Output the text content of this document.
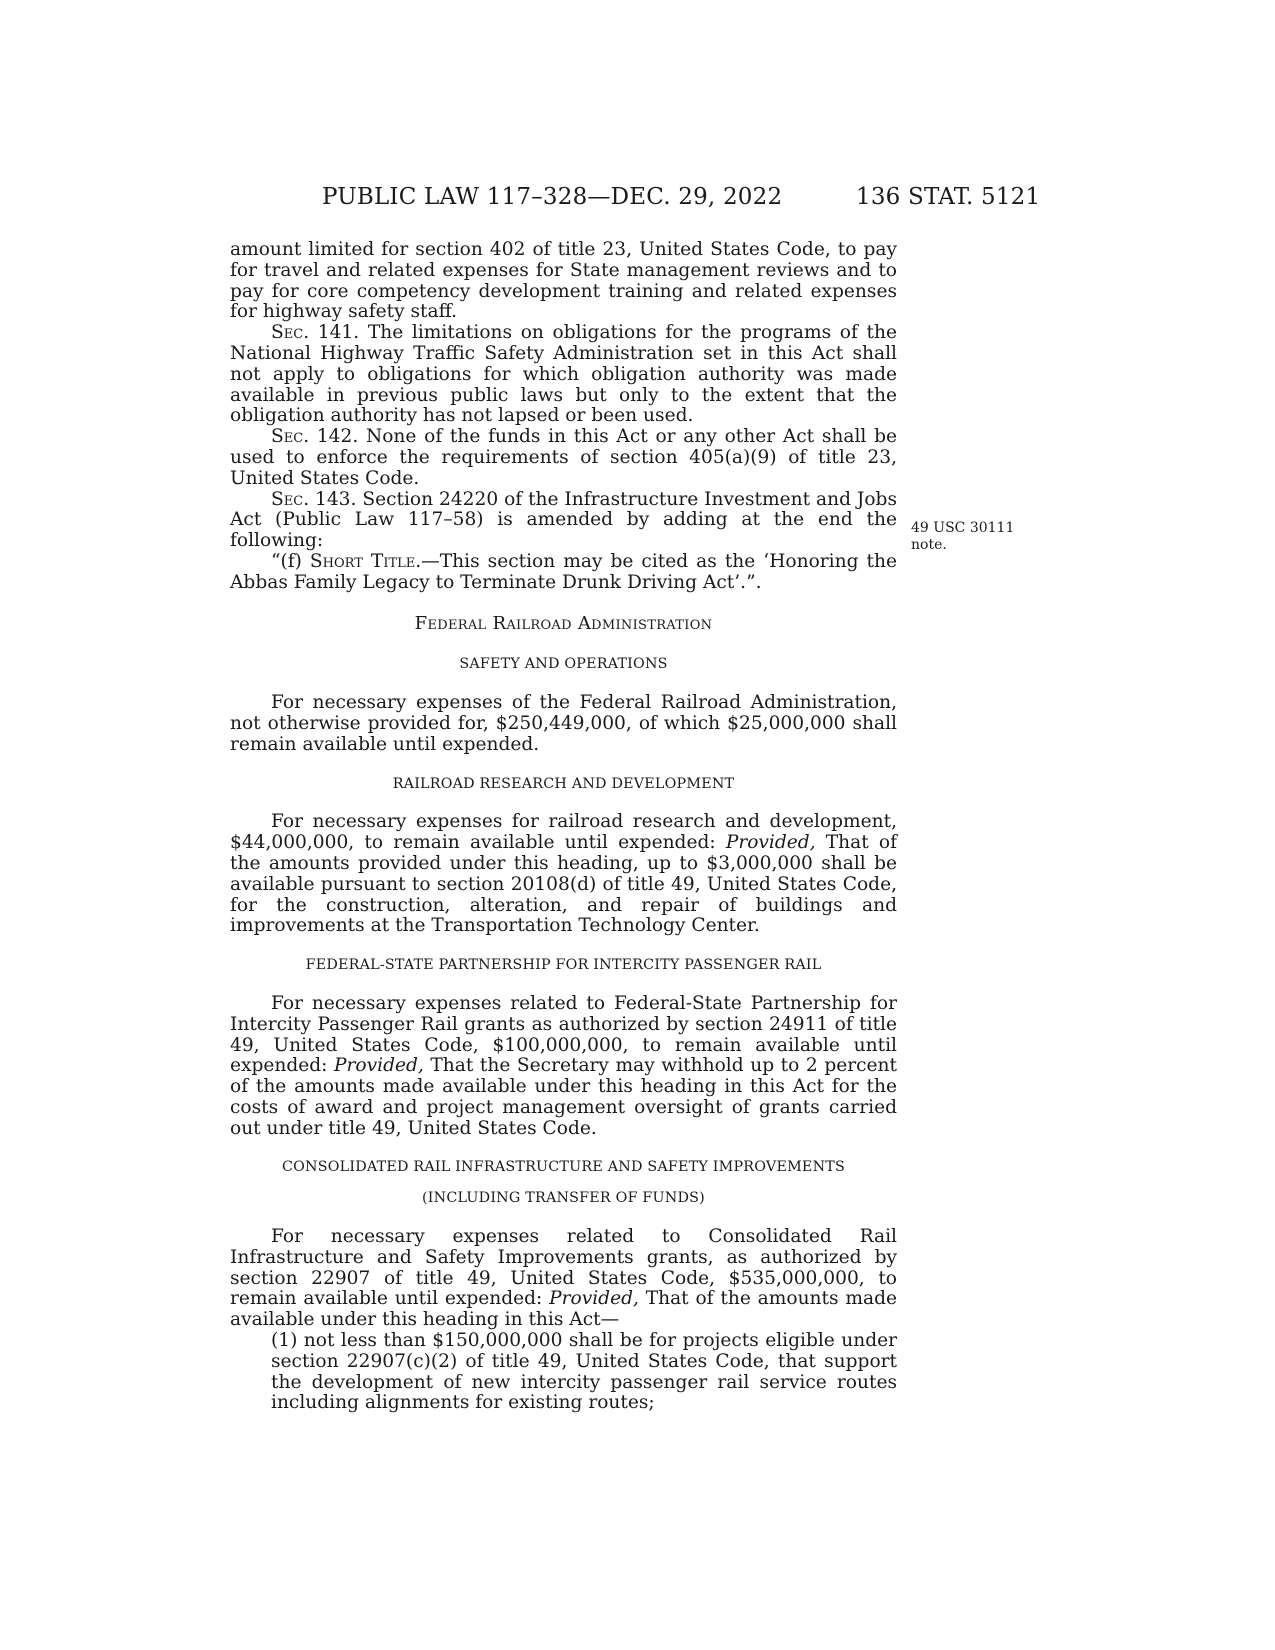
PUBLIC LAW 117–328—DEC. 29, 2022	136 STAT. 5121
49 USC 30111
note.

amount limited for section 402 of title 23, United States Code, to pay for travel and related expenses for State management reviews and to pay for core competency development training and related expenses for highway safety staff.

Sec. 141. The limitations on obligations for the programs of the National Highway Traffic Safety Administration set in this Act shall not apply to obligations for which obligation authority was made available in previous public laws but only to the extent that the obligation authority has not lapsed or been used.

Sec. 142. None of the funds in this Act or any other Act shall be used to enforce the requirements of section 405(a)(9) of title 23, United States Code.

Sec. 143. Section 24220 of the Infrastructure Investment and Jobs Act (Public Law 117–58) is amended by adding at the end the following:

“(f) Short Title.—This section may be cited as the ‘Honoring the Abbas Family Legacy to Terminate Drunk Driving Act’.”.

Federal Railroad Administration
SAFETY AND OPERATIONS

For necessary expenses of the Federal Railroad Administration, not otherwise provided for, $250,449,000, of which $25,000,000 shall remain available until expended.

RAILROAD RESEARCH AND DEVELOPMENT

For necessary expenses for railroad research and development, $44,000,000, to remain available until expended: Provided, That of the amounts provided under this heading, up to $3,000,000 shall be available pursuant to section 20108(d) of title 49, United States Code, for the construction, alteration, and repair of buildings and improvements at the Transportation Technology Center.

FEDERAL-STATE PARTNERSHIP FOR INTERCITY PASSENGER RAIL

For necessary expenses related to Federal-State Partnership for Intercity Passenger Rail grants as authorized by section 24911 of title 49, United States Code, $100,000,000, to remain available until expended: Provided, That the Secretary may withhold up to 2 percent of the amounts made available under this heading in this Act for the costs of award and project management oversight of grants carried out under title 49, United States Code.

CONSOLIDATED RAIL INFRASTRUCTURE AND SAFETY IMPROVEMENTS
(INCLUDING TRANSFER OF FUNDS)

For necessary expenses related to Consolidated Rail Infrastructure and Safety Improvements grants, as authorized by section 22907 of title 49, United States Code, $535,000,000, to remain available until expended: Provided, That of the amounts made available under this heading in this Act—

(1) not less than $150,000,000 shall be for projects eligible under section 22907(c)(2) of title 49, United States Code, that support the development of new intercity passenger rail service routes including alignments for existing routes;
